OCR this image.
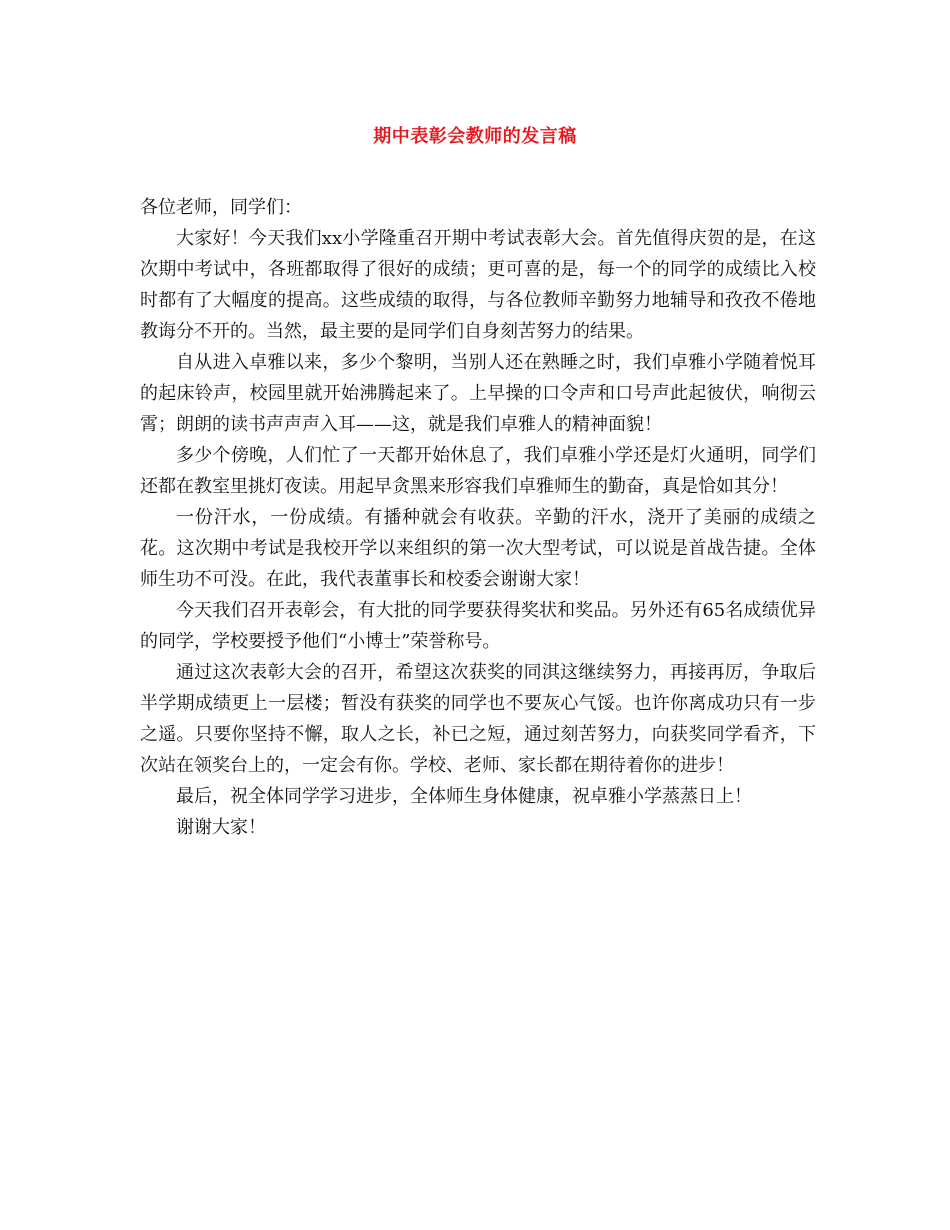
期中表彰会教师的发言稿

各位老师，同学们：

大家好！今天我们xx小学隆重召开期中考试表彰大会。首先值得庆贺的是，在这次期中考试中，各班都取得了很好的成绩；更可喜的是，每一个的同学的成绩比入校时都有了大幅度的提高。这些成绩的取得，与各位教师辛勤努力地辅导和孜孜不倦地教诲分不开的。当然，最主要的是同学们自身刻苦努力的结果。

自从进入卓雅以来，多少个黎明，当别人还在熟睡之时，我们卓雅小学随着悦耳的起床铃声，校园里就开始沸腾起来了。上早操的口令声和口号声此起彼伏，响彻云霄；朗朗的读书声声声入耳——这，就是我们卓雅人的精神面貌！

多少个傍晚，人们忙了一天都开始休息了，我们卓雅小学还是灯火通明，同学们还都在教室里挑灯夜读。用起早贪黑来形容我们卓雅师生的勤奋，真是恰如其分！

一份汗水，一份成绩。有播种就会有收获。辛勤的汗水，浇开了美丽的成绩之花。这次期中考试是我校开学以来组织的第一次大型考试，可以说是首战告捷。全体师生功不可没。在此，我代表董事长和校委会谢谢大家！

今天我们召开表彰会，有大批的同学要获得奖状和奖品。另外还有65名成绩优异的同学，学校要授予他们“小博士”荣誉称号。

通过这次表彰大会的召开，希望这次获奖的同淇这继续努力，再接再厉，争取后半学期成绩更上一层楼；暂没有获奖的同学也不要灰心气馁。也许你离成功只有一步之遥。只要你坚持不懈，取人之长，补已之短，通过刻苦努力，向获奖同学看齐，下次站在领奖台上的，一定会有你。学校、老师、家长都在期待着你的进步！

最后，祝全体同学学习进步，全体师生身体健康，祝卓雅小学蒸蒸日上！

谢谢大家！
